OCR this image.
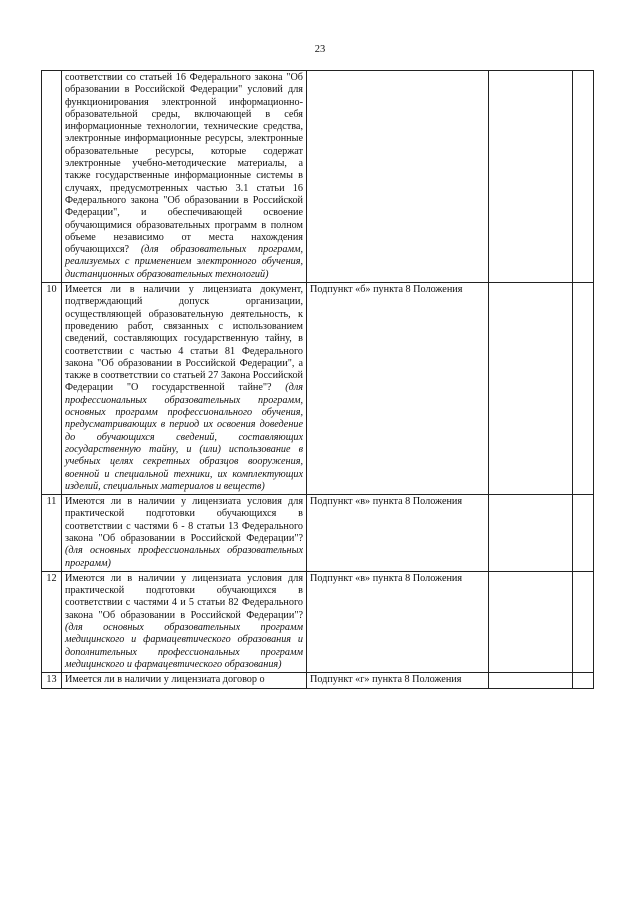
23
	соответствии со статьей 16 Федерального закона "Об образовании в Российской Федерации" условий для функционирования электронной информационно-образовательной среды, включающей в себя информационные технологии, технические средства, электронные информационные ресурсы, электронные образовательные ресурсы, которые содержат электронные учебно-методические материалы, а также государственные информационные системы в случаях, предусмотренных частью 3.1 статьи 16 Федерального закона "Об образовании в Российской Федерации", и обеспечивающей освоение обучающимися образовательных программ в полном объеме независимо от места нахождения обучающихся? (для образовательных программ, реализуемых с применением электронного обучения, дистанционных образовательных технологий)			
10	Имеется ли в наличии у лицензиата документ, подтверждающий допуск организации, осуществляющей образовательную деятельность, к проведению работ, связанных с использованием сведений, составляющих государственную тайну, в соответствии с частью 4 статьи 81 Федерального закона "Об образовании в Российской Федерации", а также в соответствии со статьей 27 Закона Российской Федерации "О государственной тайне"? (для профессиональных образовательных программ, основных программ профессионального обучения, предусматривающих в период их освоения доведение до обучающихся сведений, составляющих государственную тайну, и (или) использование в учебных целях секретных образцов вооружения, военной и специальной техники, их комплектующих изделий, специальных материалов и веществ)	Подпункт «б» пункта 8 Положения		
11	Имеются ли в наличии у лицензиата условия для практической подготовки обучающихся в соответствии с частями 6 - 8 статьи 13 Федерального закона "Об образовании в Российской Федерации"? (для основных профессиональных образовательных программ)	Подпункт «в» пункта 8 Положения		
12	Имеются ли в наличии у лицензиата условия для практической подготовки обучающихся в соответствии с частями 4 и 5 статьи 82 Федерального закона "Об образовании в Российской Федерации"? (для основных образовательных программ медицинского и фармацевтического образования и дополнительных профессиональных программ медицинского и фармацевтического образования)	Подпункт «в» пункта 8 Положения		
13	Имеется ли в наличии у лицензиата договор о	Подпункт «г» пункта 8 Положения		
